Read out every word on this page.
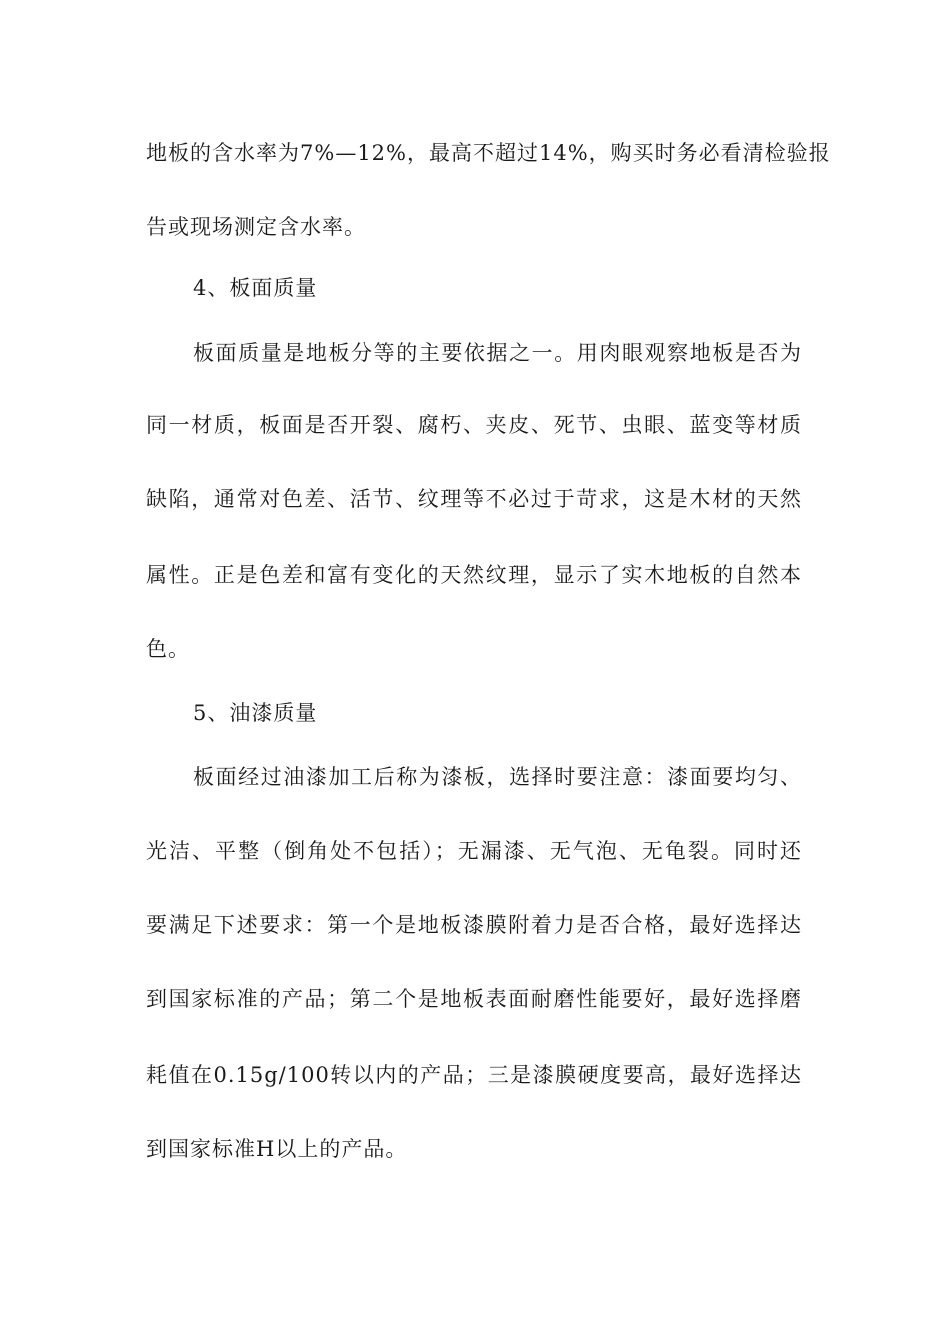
地板的含水率为7%—12%，最高不超过14%，购买时务必看清检验报
告或现场测定含水率。
4、板面质量
板面质量是地板分等的主要依据之一。用肉眼观察地板是否为
同一材质，板面是否开裂、腐朽、夹皮、死节、虫眼、蓝变等材质
缺陷，通常对色差、活节、纹理等不必过于苛求，这是木材的天然
属性。正是色差和富有变化的天然纹理，显示了实木地板的自然本
色。
5、油漆质量
板面经过油漆加工后称为漆板，选择时要注意：漆面要均匀、
光洁、平整（倒角处不包括）；无漏漆、无气泡、无龟裂。同时还
要满足下述要求：第一个是地板漆膜附着力是否合格，最好选择达
到国家标准的产品；第二个是地板表面耐磨性能要好，最好选择磨
耗值在0.15g/100转以内的产品；三是漆膜硬度要高，最好选择达
到国家标准H以上的产品。
